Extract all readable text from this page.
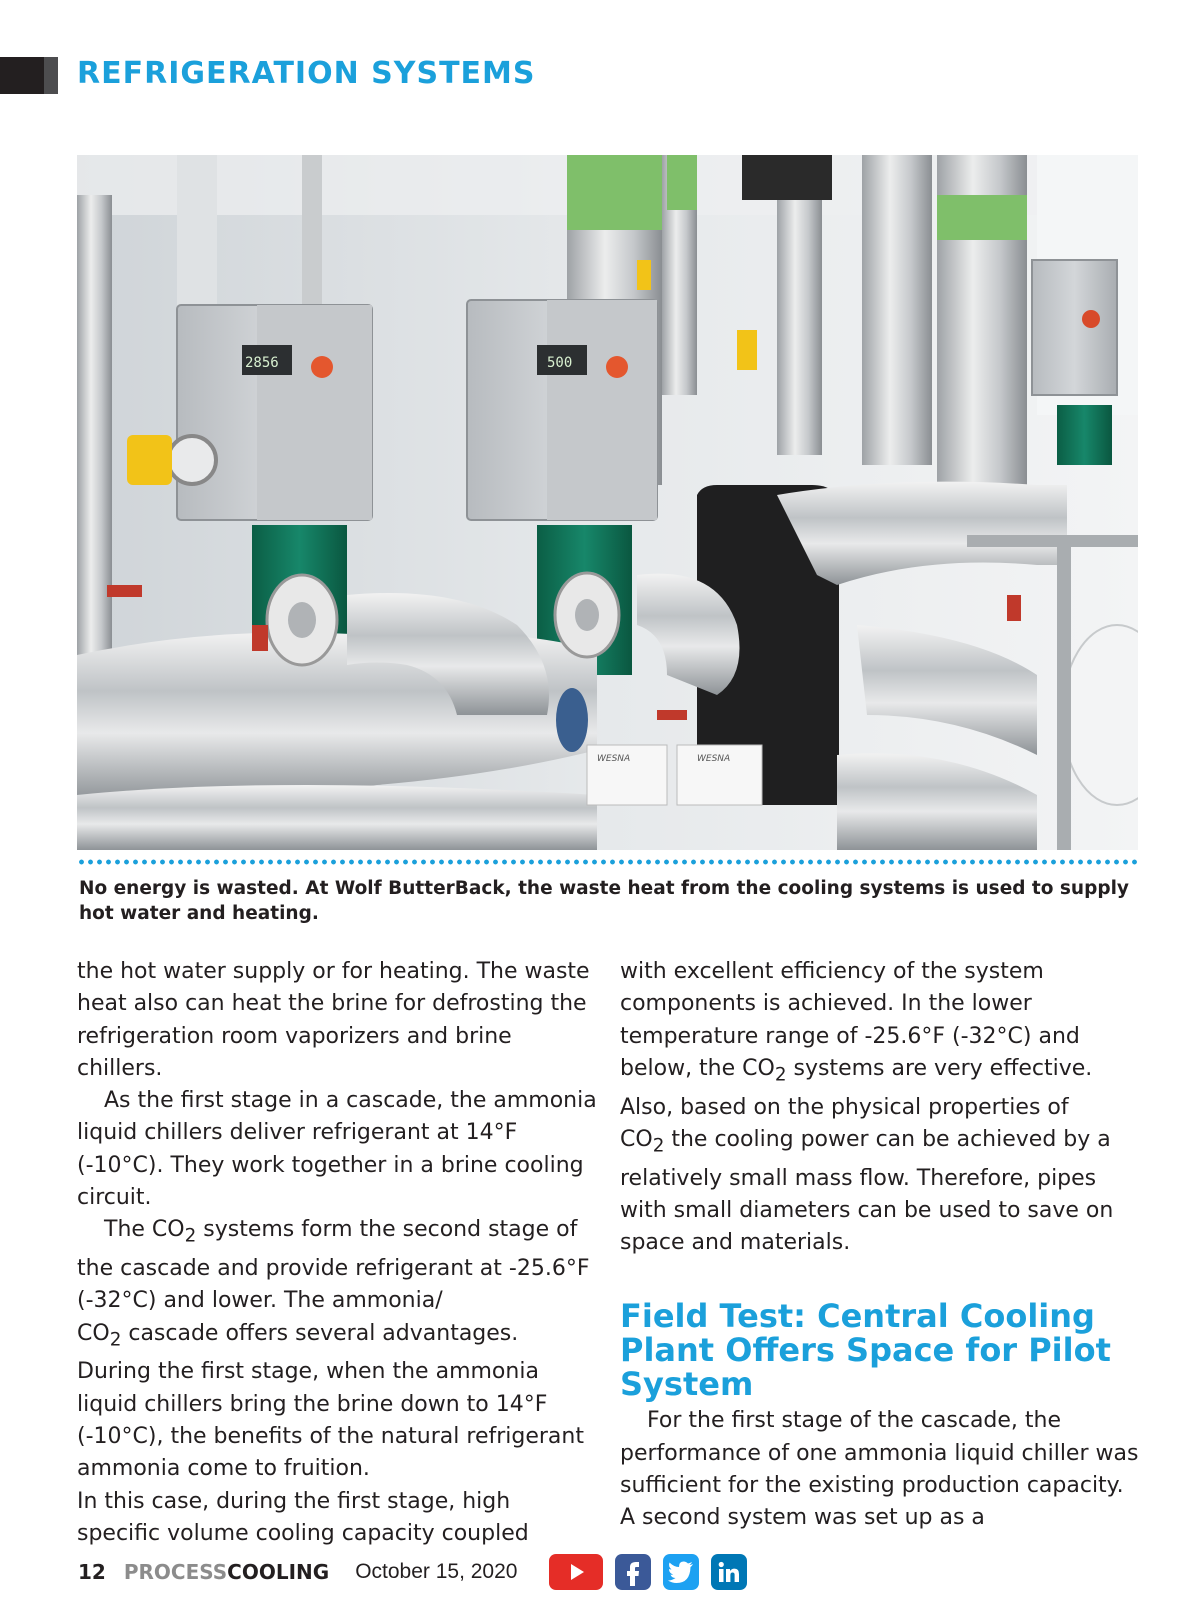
REFRIGERATION SYSTEMS
2856	500
WESNA	WESNA

No energy is wasted. At Wolf ButterBack, the waste heat from the cooling systems is used to supply hot water and heating.

the hot water supply or for heating. The waste heat also can heat the brine for defrosting the refrigeration room vaporizers and brine chillers.

As the first stage in a cascade, the ammonia liquid chillers deliver refrigerant at 14°F (-10°C). They work together in a brine cooling circuit.

The $CO_2$ systems form the second stage of the cascade and provide refrigerant at -25.6°F (-32°C) and lower. The ammonia/
$CO_2$ cascade offers several advantages. During the first stage, when the ammonia liquid chillers bring the brine down to 14°F (-10°C), the benefits of the natural refrigerant ammonia come to fruition.

In this case, during the first stage, high specific volume cooling capacity coupled

with excellent efficiency of the system components is achieved. In the lower temperature range of -25.6°F (-32°C) and below, the $CO_2$ systems are very effective. Also, based on the physical properties of
$CO_2$ the cooling power can be achieved by a relatively small mass flow. Therefore, pipes with small diameters can be used to save on space and materials.

Field Test: Central Cooling Plant Offers Space for Pilot System

For the first stage of the cascade, the performance of one ammonia liquid chiller was sufficient for the existing production capacity. A second system was set up as a

12 PROCESS COOLING October 15, 2020
